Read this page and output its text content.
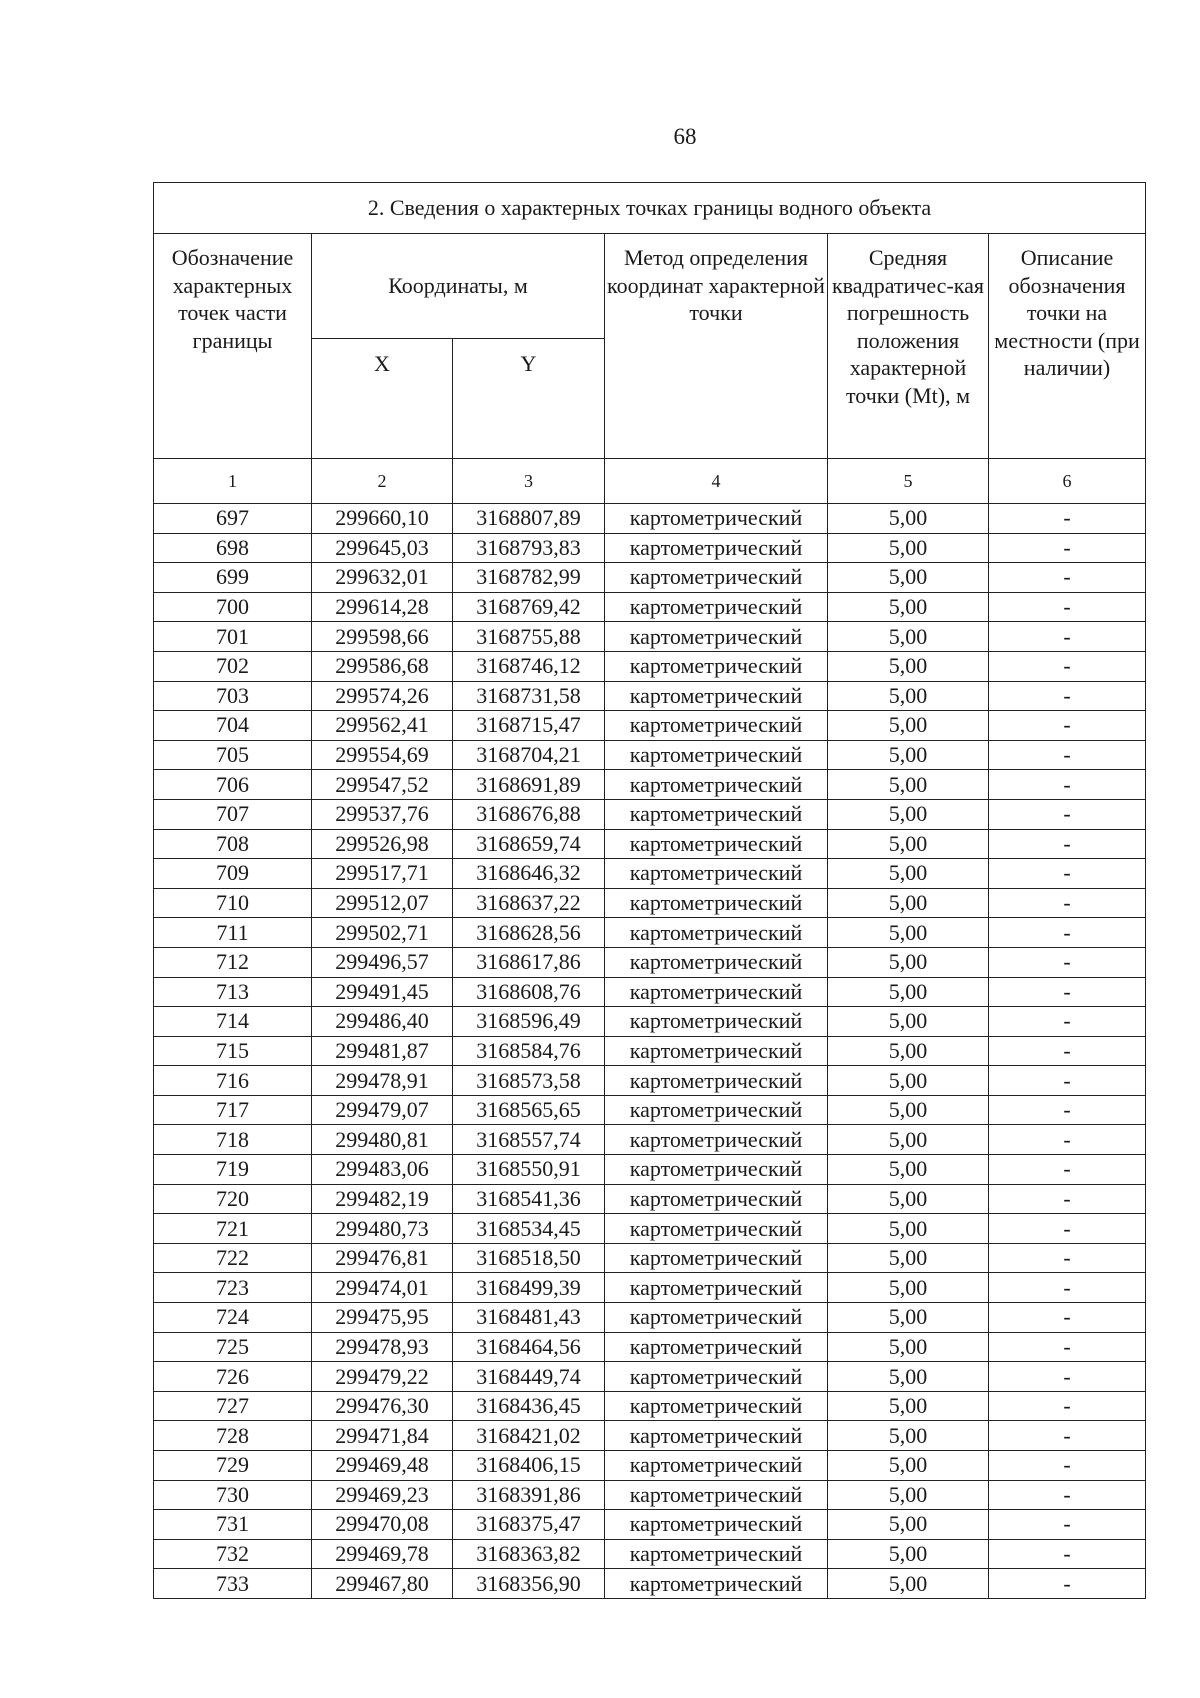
68
2. Сведения о характерных точках границы водного объекта					
Обозначение характерных точек части границы	Координаты, м		Метод определения координат характерной точки	Средняя квадратичес-кая погрешность положения характерной точки (Mt), м	Описание обозначения точки на местности (при наличии)
	X	Y			
1	2	3	4	5	6
697	299660,10	3168807,89	картометрический	5,00	-
698	299645,03	3168793,83	картометрический	5,00	-
699	299632,01	3168782,99	картометрический	5,00	-
700	299614,28	3168769,42	картометрический	5,00	-
701	299598,66	3168755,88	картометрический	5,00	-
702	299586,68	3168746,12	картометрический	5,00	-
703	299574,26	3168731,58	картометрический	5,00	-
704	299562,41	3168715,47	картометрический	5,00	-
705	299554,69	3168704,21	картометрический	5,00	-
706	299547,52	3168691,89	картометрический	5,00	-
707	299537,76	3168676,88	картометрический	5,00	-
708	299526,98	3168659,74	картометрический	5,00	-
709	299517,71	3168646,32	картометрический	5,00	-
710	299512,07	3168637,22	картометрический	5,00	-
711	299502,71	3168628,56	картометрический	5,00	-
712	299496,57	3168617,86	картометрический	5,00	-
713	299491,45	3168608,76	картометрический	5,00	-
714	299486,40	3168596,49	картометрический	5,00	-
715	299481,87	3168584,76	картометрический	5,00	-
716	299478,91	3168573,58	картометрический	5,00	-
717	299479,07	3168565,65	картометрический	5,00	-
718	299480,81	3168557,74	картометрический	5,00	-
719	299483,06	3168550,91	картометрический	5,00	-
720	299482,19	3168541,36	картометрический	5,00	-
721	299480,73	3168534,45	картометрический	5,00	-
722	299476,81	3168518,50	картометрический	5,00	-
723	299474,01	3168499,39	картометрический	5,00	-
724	299475,95	3168481,43	картометрический	5,00	-
725	299478,93	3168464,56	картометрический	5,00	-
726	299479,22	3168449,74	картометрический	5,00	-
727	299476,30	3168436,45	картометрический	5,00	-
728	299471,84	3168421,02	картометрический	5,00	-
729	299469,48	3168406,15	картометрический	5,00	-
730	299469,23	3168391,86	картометрический	5,00	-
731	299470,08	3168375,47	картометрический	5,00	-
732	299469,78	3168363,82	картометрический	5,00	-
733	299467,80	3168356,90	картометрический	5,00	-
